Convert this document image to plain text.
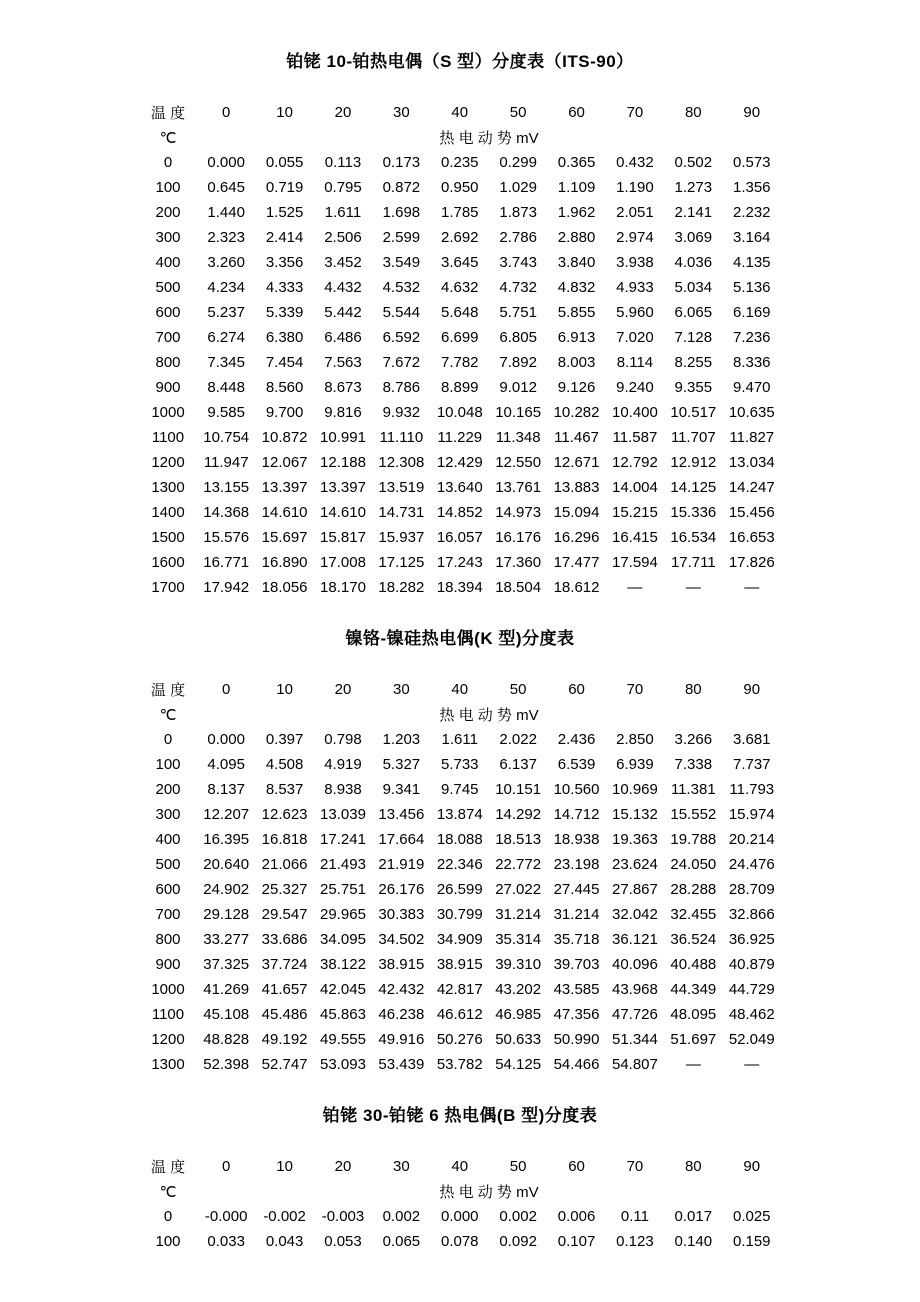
铂铑 10-铂热电偶（S 型）分度表（ITS-90）
温 度	0	10	20	30	40	50	60	70	80	90
℃	热 电 动 势 mV									
0	0.000	0.055	0.113	0.173	0.235	0.299	0.365	0.432	0.502	0.573
100	0.645	0.719	0.795	0.872	0.950	1.029	1.109	1.190	1.273	1.356
200	1.440	1.525	1.611	1.698	1.785	1.873	1.962	2.051	2.141	2.232
300	2.323	2.414	2.506	2.599	2.692	2.786	2.880	2.974	3.069	3.164
400	3.260	3.356	3.452	3.549	3.645	3.743	3.840	3.938	4.036	4.135
500	4.234	4.333	4.432	4.532	4.632	4.732	4.832	4.933	5.034	5.136
600	5.237	5.339	5.442	5.544	5.648	5.751	5.855	5.960	6.065	6.169
700	6.274	6.380	6.486	6.592	6.699	6.805	6.913	7.020	7.128	7.236
800	7.345	7.454	7.563	7.672	7.782	7.892	8.003	8.114	8.255	8.336
900	8.448	8.560	8.673	8.786	8.899	9.012	9.126	9.240	9.355	9.470
1000	9.585	9.700	9.816	9.932	10.048	10.165	10.282	10.400	10.517	10.635
1100	10.754	10.872	10.991	11.110	11.229	11.348	11.467	11.587	11.707	11.827
1200	11.947	12.067	12.188	12.308	12.429	12.550	12.671	12.792	12.912	13.034
1300	13.155	13.397	13.397	13.519	13.640	13.761	13.883	14.004	14.125	14.247
1400	14.368	14.610	14.610	14.731	14.852	14.973	15.094	15.215	15.336	15.456
1500	15.576	15.697	15.817	15.937	16.057	16.176	16.296	16.415	16.534	16.653
1600	16.771	16.890	17.008	17.125	17.243	17.360	17.477	17.594	17.711	17.826
1700	17.942	18.056	18.170	18.282	18.394	18.504	18.612	—	—	—
镍铬-镍硅热电偶(K 型)分度表
温 度	0	10	20	30	40	50	60	70	80	90
℃	热 电 动 势 mV									
0	0.000	0.397	0.798	1.203	1.611	2.022	2.436	2.850	3.266	3.681
100	4.095	4.508	4.919	5.327	5.733	6.137	6.539	6.939	7.338	7.737
200	8.137	8.537	8.938	9.341	9.745	10.151	10.560	10.969	11.381	11.793
300	12.207	12.623	13.039	13.456	13.874	14.292	14.712	15.132	15.552	15.974
400	16.395	16.818	17.241	17.664	18.088	18.513	18.938	19.363	19.788	20.214
500	20.640	21.066	21.493	21.919	22.346	22.772	23.198	23.624	24.050	24.476
600	24.902	25.327	25.751	26.176	26.599	27.022	27.445	27.867	28.288	28.709
700	29.128	29.547	29.965	30.383	30.799	31.214	31.214	32.042	32.455	32.866
800	33.277	33.686	34.095	34.502	34.909	35.314	35.718	36.121	36.524	36.925
900	37.325	37.724	38.122	38.915	38.915	39.310	39.703	40.096	40.488	40.879
1000	41.269	41.657	42.045	42.432	42.817	43.202	43.585	43.968	44.349	44.729
1100	45.108	45.486	45.863	46.238	46.612	46.985	47.356	47.726	48.095	48.462
1200	48.828	49.192	49.555	49.916	50.276	50.633	50.990	51.344	51.697	52.049
1300	52.398	52.747	53.093	53.439	53.782	54.125	54.466	54.807	—	—
铂铑 30-铂铑 6 热电偶(B 型)分度表
温 度	0	10	20	30	40	50	60	70	80	90
℃	热 电 动 势 mV									
0	-0.000	-0.002	-0.003	0.002	0.000	0.002	0.006	0.11	0.017	0.025
100	0.033	0.043	0.053	0.065	0.078	0.092	0.107	0.123	0.140	0.159
